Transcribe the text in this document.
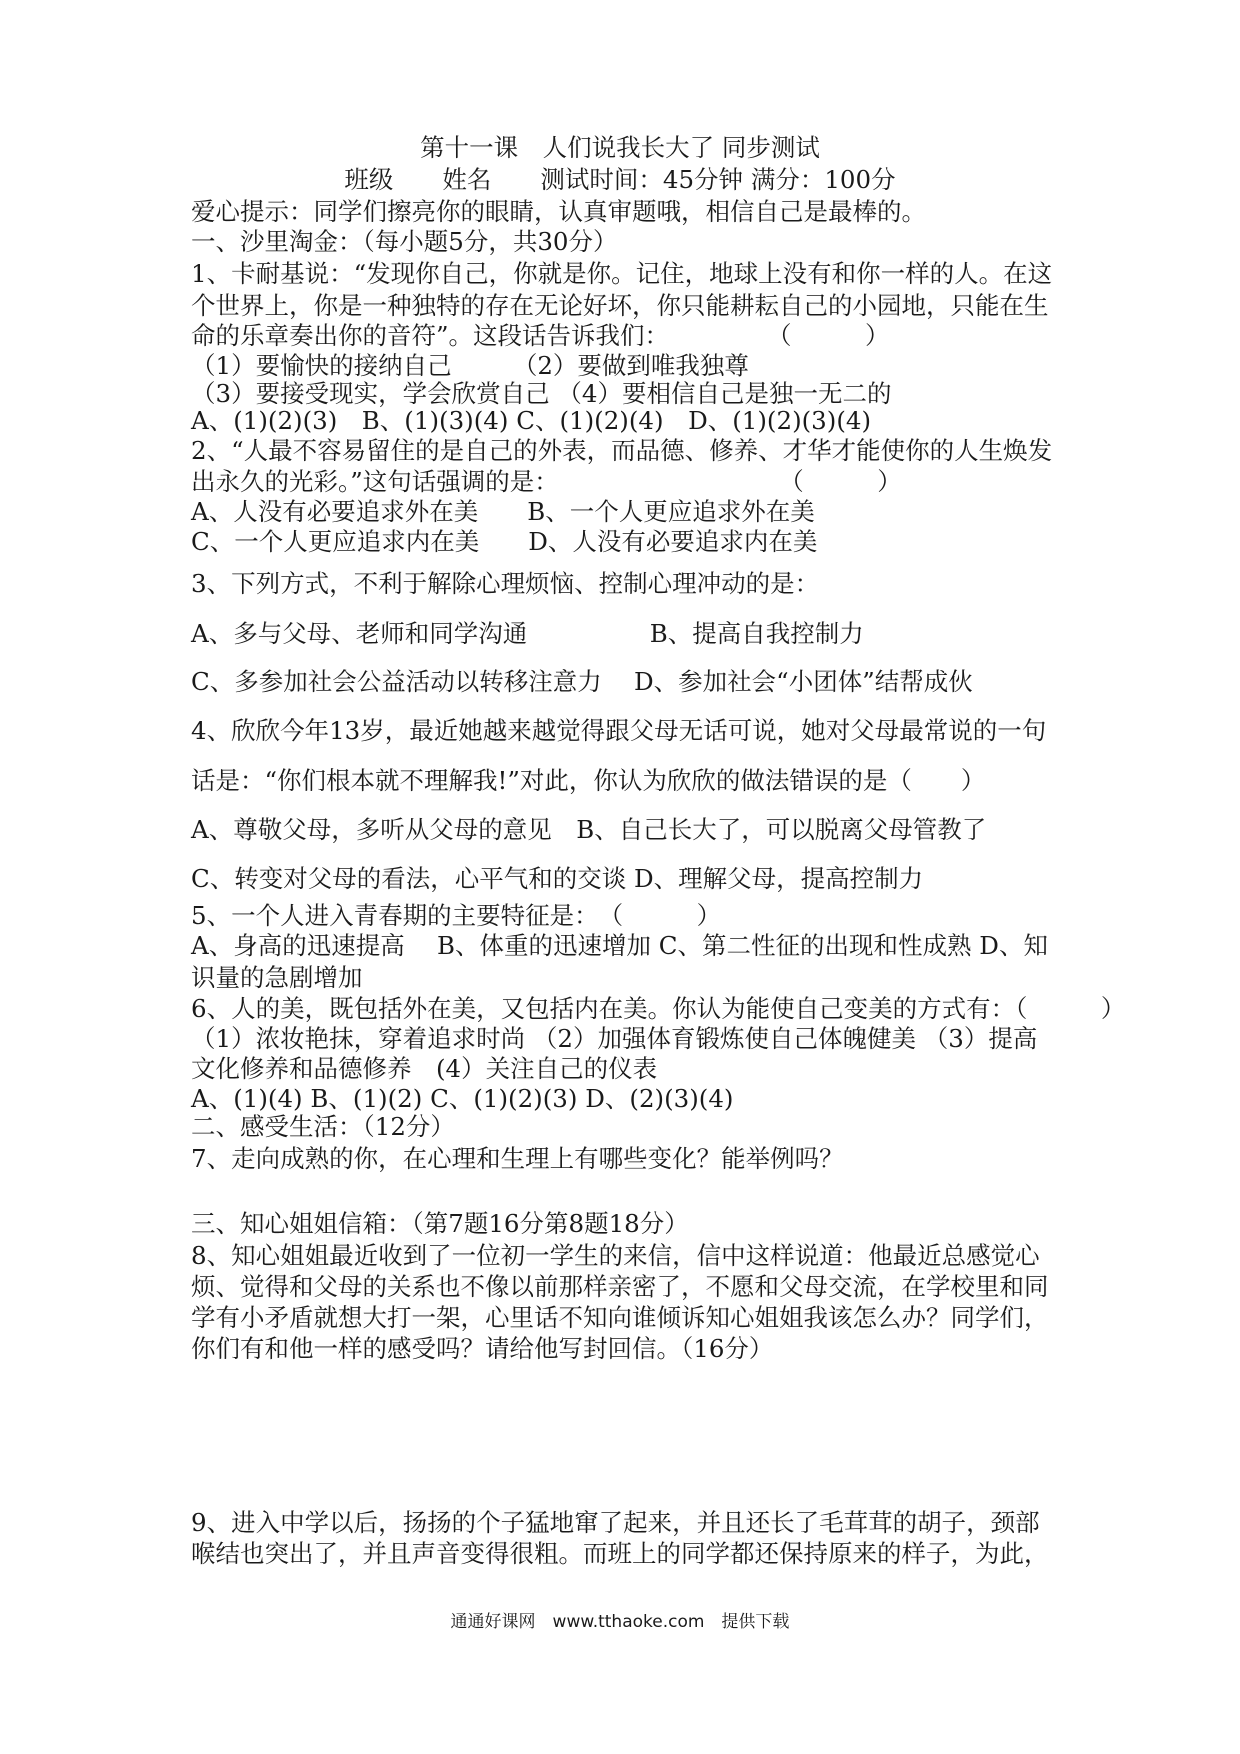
第十一课　人们说我长大了 同步测试
班级　　姓名　　测试时间：45分钟 满分：100分
爱心提示：同学们擦亮你的眼睛，认真审题哦，相信自己是最棒的。
一、沙里淘金：（每小题5分，共30分）
1、卡耐基说：“发现你自己，你就是你。记住，地球上没有和你一样的人。在这
个世界上，你是一种独特的存在无论好坏，你只能耕耘自己的小园地，只能在生
命的乐章奏出你的音符”。这段话告诉我们：　　　　　（　　　）
（1）要愉快的接纳自己　　　（2）要做到唯我独尊
（3）要接受现实，学会欣赏自己 （4）要相信自己是独一无二的
A、(1)(2)(3)　B、(1)(3)(4) C、(1)(2)(4)　D、(1)(2)(3)(4)
2、“人最不容易留住的是自己的外表，而品德、修养、才华才能使你的人生焕发
出永久的光彩。”这句话强调的是：　　　　　　　　　　（　　　）
A、人没有必要追求外在美　　B、一个人更应追求外在美
C、一个人更应追求内在美　　D、人没有必要追求内在美
3、下列方式，不利于解除心理烦恼、控制心理冲动的是：
A、多与父母、老师和同学沟通　　　　　B、提高自我控制力
C、多参加社会公益活动以转移注意力　 D、参加社会“小团体”结帮成伙
4、欣欣今年13岁，最近她越来越觉得跟父母无话可说，她对父母最常说的一句
话是：“你们根本就不理解我!”对此，你认为欣欣的做法错误的是（　　）
A、尊敬父母，多听从父母的意见　B、自己长大了，可以脱离父母管教了
C、转变对父母的看法，心平气和的交谈 D、理解父母，提高控制力
5、一个人进入青春期的主要特征是：　（　　　）
A、身高的迅速提高　 B、体重的迅速增加 C、第二性征的出现和性成熟 D、知
识量的急剧增加
6、人的美，既包括外在美，又包括内在美。你认为能使自己变美的方式有：（　　　）
（1）浓妆艳抹，穿着追求时尚 （2）加强体育锻炼使自己体魄健美 （3）提高
文化修养和品德修养　(4）关注自己的仪表
A、(1)(4) B、(1)(2) C、(1)(2)(3) D、(2)(3)(4)
二、感受生活：（12分）
7、走向成熟的你，在心理和生理上有哪些变化？能举例吗？
三、知心姐姐信箱：（第7题16分第8题18分）
8、知心姐姐最近收到了一位初一学生的来信，信中这样说道：他最近总感觉心
烦、觉得和父母的关系也不像以前那样亲密了，不愿和父母交流，在学校里和同
学有小矛盾就想大打一架，心里话不知向谁倾诉知心姐姐我该怎么办？同学们，
你们有和他一样的感受吗？请给他写封回信。（16分）
9、进入中学以后，扬扬的个子猛地窜了起来，并且还长了毛茸茸的胡子，颈部
喉结也突出了，并且声音变得很粗。而班上的同学都还保持原来的样子，为此，
通通好课网　www.tthaoke.com　提供下载
